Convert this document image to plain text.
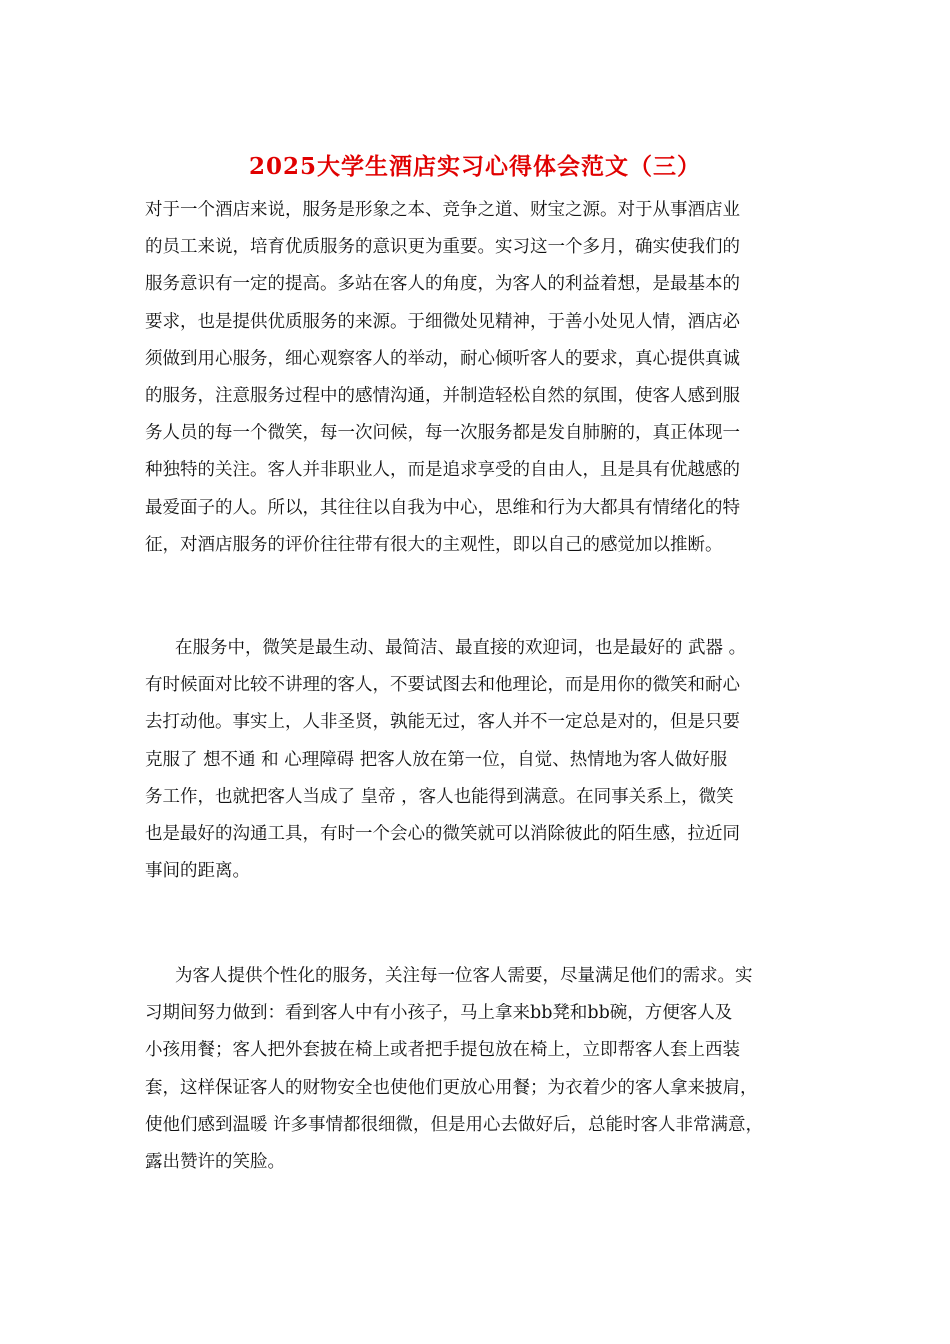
2025大学生酒店实习心得体会范文（三）
对于一个酒店来说，服务是形象之本、竞争之道、财宝之源。对于从事酒店业
的员工来说，培育优质服务的意识更为重要。实习这一个多月，确实使我们的
服务意识有一定的提高。多站在客人的角度，为客人的利益着想，是最基本的
要求，也是提供优质服务的来源。于细微处见精神，于善小处见人情，酒店必
须做到用心服务，细心观察客人的举动，耐心倾听客人的要求，真心提供真诚
的服务，注意服务过程中的感情沟通，并制造轻松自然的氛围，使客人感到服
务人员的每一个微笑，每一次问候，每一次服务都是发自肺腑的，真正体现一
种独特的关注。客人并非职业人，而是追求享受的自由人，且是具有优越感的
最爱面子的人。所以，其往往以自我为中心，思维和行为大都具有情绪化的特
征，对酒店服务的评价往往带有很大的主观性，即以自己的感觉加以推断。
在服务中，微笑是最生动、最简洁、最直接的欢迎词，也是最好的 武器 。
有时候面对比较不讲理的客人，不要试图去和他理论，而是用你的微笑和耐心
去打动他。事实上，人非圣贤，孰能无过，客人并不一定总是对的，但是只要
克服了 想不通 和 心理障碍 把客人放在第一位，自觉、热情地为客人做好服
务工作，也就把客人当成了 皇帝 ，客人也能得到满意。在同事关系上，微笑
也是最好的沟通工具，有时一个会心的微笑就可以消除彼此的陌生感，拉近同
事间的距离。
为客人提供个性化的服务，关注每一位客人需要，尽量满足他们的需求。实
习期间努力做到：看到客人中有小孩子，马上拿来bb凳和bb碗，方便客人及
小孩用餐；客人把外套披在椅上或者把手提包放在椅上，立即帮客人套上西装
套，这样保证客人的财物安全也使他们更放心用餐；为衣着少的客人拿来披肩，
使他们感到温暖 许多事情都很细微，但是用心去做好后，总能时客人非常满意，
露出赞许的笑脸。
